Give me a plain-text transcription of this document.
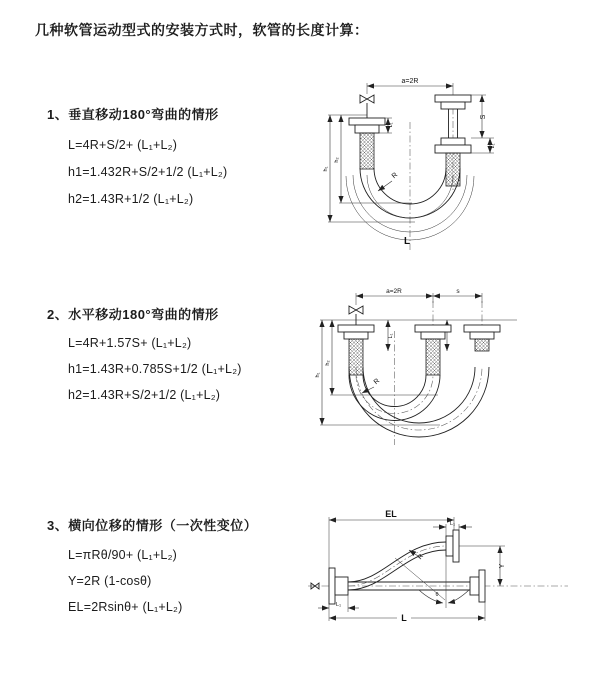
几种软管运动型式的安装方式时，软管的长度计算：
1、垂直移动180°弯曲的情形
L=4R+S/2+ (L₁+L₂)
h1=1.432R+S/2+1/2 (L₁+L₂)
h2=1.43R+1/2 (L₁+L₂)
2、水平移动180°弯曲的情形
L=4R+1.57S+ (L₁+L₂)
h1=1.43R+0.785S+1/2 (L₁+L₂)
h2=1.43R+S/2+1/2 (L₁+L₂)
3、横向位移的情形（一次性变位）
L=πRθ/90+ (L₁+L₂)
Y=2R (1-cosθ)
EL=2Rsinθ+ (L₁+L₂)
a=2R
S
L₁
L₁
h₁
h₂
R
L
a=2R	s
L₁
h₁
h₂
R
EL
L₁
Y
R
θ
L
L₁
